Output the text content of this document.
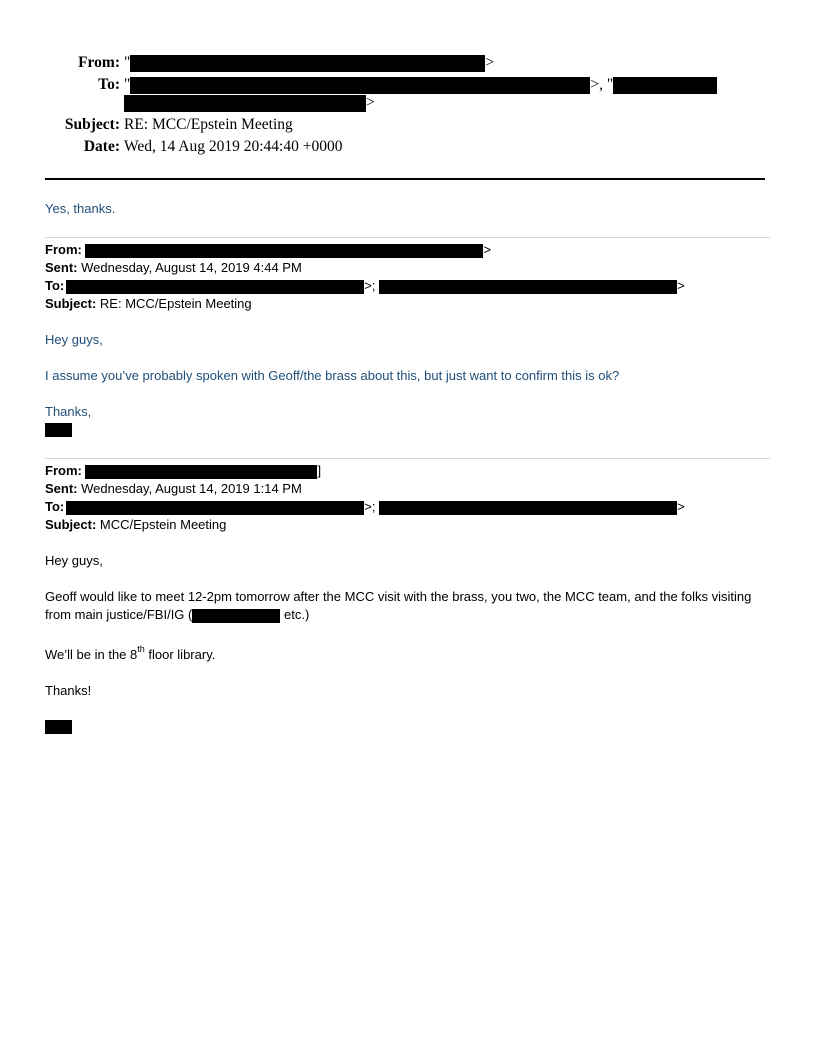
From: "	>
To: "	>, "
>
Subject: RE: MCC/Epstein Meeting
Date: Wed, 14 Aug 2019 20:44:40 +0000
Yes, thanks.
From:	>
Sent: Wednesday, August 14, 2019 4:44 PM
To:	>;	>
Subject: RE: MCC/Epstein Meeting
Hey guys,
I assume you’ve probably spoken with Geoff/the brass about this, but just want to confirm this is ok?
Thanks,
From:	]
Sent: Wednesday, August 14, 2019 1:14 PM
To:	>;	>
Subject: MCC/Epstein Meeting
Hey guys,
Geoff would like to meet 12-2pm tomorrow after the MCC visit with the brass, you two, the MCC team, and the folks visiting from main justice/FBI/IG (	etc.)
We’ll be in the 8th floor library.
Thanks!
